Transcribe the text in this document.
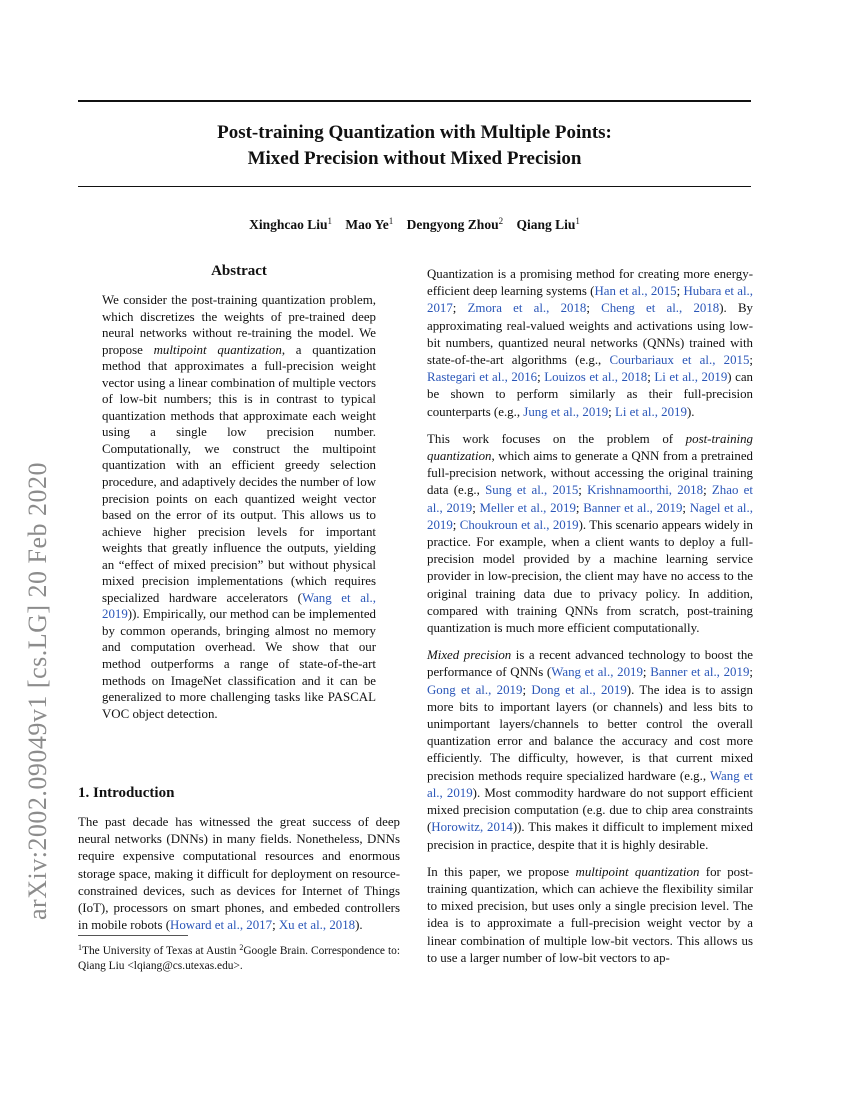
arXiv:2002.09049v1 [cs.LG] 20 Feb 2020
Post-training Quantization with Multiple Points:
Mixed Precision without Mixed Precision
Xinghcao Liu$^1$ Mao Ye$^1$ Dengyong Zhou$^2$ Qiang Liu$^1$
Abstract
We consider the post-training quantization problem, which discretizes the weights of pre-trained deep neural networks without re-training the model. We propose multipoint quantization, a quantization method that approximates a full-precision weight vector using a linear combination of multiple vectors of low-bit numbers; this is in contrast to typical quantization methods that approximate each weight using a single low precision number. Computationally, we construct the multipoint quantization with an efficient greedy selection procedure, and adaptively decides the number of low precision points on each quantized weight vector based on the error of its output. This allows us to achieve higher precision levels for important weights that greatly influence the outputs, yielding an “effect of mixed precision” but without physical mixed precision implementations (which requires specialized hardware accelerators (Wang et al., 2019)). Empirically, our method can be implemented by common operands, bringing almost no memory and computation overhead. We show that our method outperforms a range of state-of-the-art methods on ImageNet classification and it can be generalized to more challenging tasks like PASCAL VOC object detection.
1. Introduction
The past decade has witnessed the great success of deep neural networks (DNNs) in many fields. Nonetheless, DNNs require expensive computational resources and enormous storage space, making it difficult for deployment on resource-constrained devices, such as devices for Internet of Things (IoT), processors on smart phones, and embeded controllers in mobile robots (Howard et al., 2017; Xu et al., 2018).
$^1$The University of Texas at Austin $^2$Google Brain. Correspondence to: Qiang Liu <lqiang@cs.utexas.edu>.

Quantization is a promising method for creating more energy-efficient deep learning systems (Han et al., 2015; Hubara et al., 2017; Zmora et al., 2018; Cheng et al., 2018). By approximating real-valued weights and activations using low-bit numbers, quantized neural networks (QNNs) trained with state-of-the-art algorithms (e.g., Courbariaux et al., 2015; Rastegari et al., 2016; Louizos et al., 2018; Li et al., 2019) can be shown to perform similarly as their full-precision counterparts (e.g., Jung et al., 2019; Li et al., 2019).

This work focuses on the problem of post-training quantization, which aims to generate a QNN from a pretrained full-precision network, without accessing the original training data (e.g., Sung et al., 2015; Krishnamoorthi, 2018; Zhao et al., 2019; Meller et al., 2019; Banner et al., 2019; Nagel et al., 2019; Choukroun et al., 2019). This scenario appears widely in practice. For example, when a client wants to deploy a full-precision model provided by a machine learning service provider in low-precision, the client may have no access to the original training data due to privacy policy. In addition, compared with training QNNs from scratch, post-training quantization is much more efficient computationally.

Mixed precision is a recent advanced technology to boost the performance of QNNs (Wang et al., 2019; Banner et al., 2019; Gong et al., 2019; Dong et al., 2019). The idea is to assign more bits to important layers (or channels) and less bits to unimportant layers/channels to better control the overall quantization error and balance the accuracy and cost more efficiently. The difficulty, however, is that current mixed precision methods require specialized hardware (e.g., Wang et al., 2019). Most commodity hardware do not support efficient mixed precision computation (e.g. due to chip area constraints (Horowitz, 2014)). This makes it difficult to implement mixed precision in practice, despite that it is highly desirable.

In this paper, we propose multipoint quantization for post-training quantization, which can achieve the flexibility similar to mixed precision, but uses only a single precision level. The idea is to approximate a full-precision weight vector by a linear combination of multiple low-bit vectors. This allows us to use a larger number of low-bit vectors to ap-
